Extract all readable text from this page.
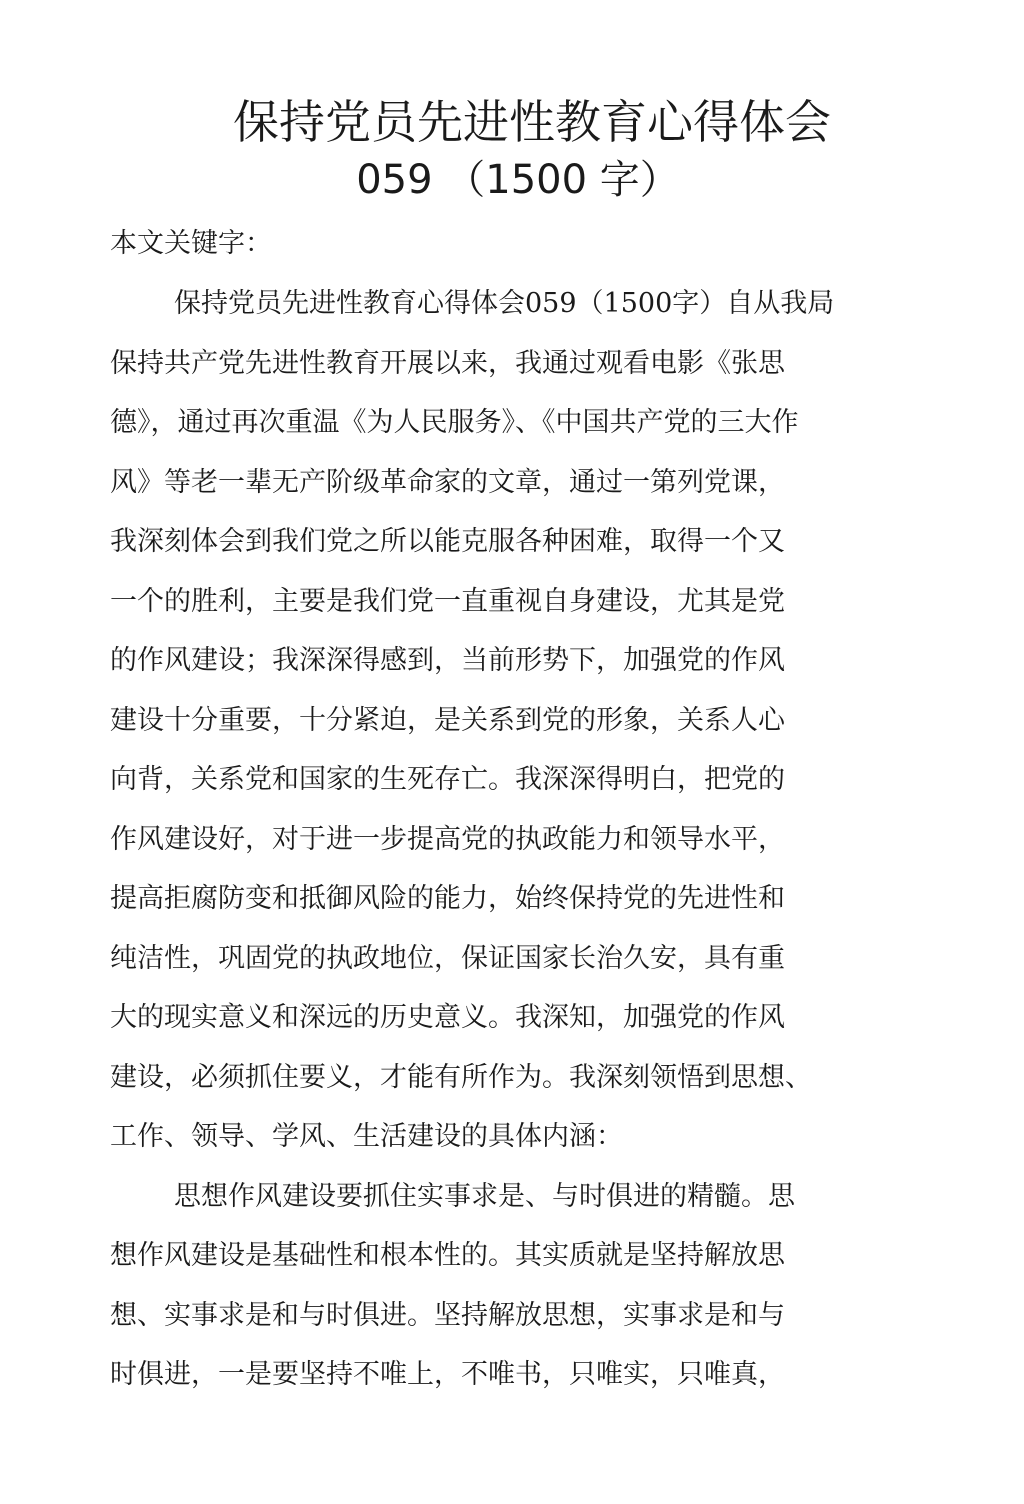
保持党员先进性教育心得体会
059 （1500 字）

本文关键字：

保持党员先进性教育心得体会059（1500字）自从我局
保持共产党先进性教育开展以来，我通过观看电影《张思
德》，通过再次重温《为人民服务》、《中国共产党的三大作
风》等老一辈无产阶级革命家的文章，通过一第列党课，
我深刻体会到我们党之所以能克服各种困难，取得一个又
一个的胜利，主要是我们党一直重视自身建设，尤其是党
的作风建设；我深深得感到，当前形势下，加强党的作风
建设十分重要，十分紧迫，是关系到党的形象，关系人心
向背，关系党和国家的生死存亡。我深深得明白，把党的
作风建设好，对于进一步提高党的执政能力和领导水平，
提高拒腐防变和抵御风险的能力，始终保持党的先进性和
纯洁性，巩固党的执政地位，保证国家长治久安，具有重
大的现实意义和深远的历史意义。我深知，加强党的作风
建设，必须抓住要义，才能有所作为。我深刻领悟到思想、
工作、领导、学风、生活建设的具体内涵：
思想作风建设要抓住实事求是、与时俱进的精髓。思
想作风建设是基础性和根本性的。其实质就是坚持解放思
想、实事求是和与时俱进。坚持解放思想，实事求是和与
时俱进，一是要坚持不唯上，不唯书，只唯实，只唯真，
